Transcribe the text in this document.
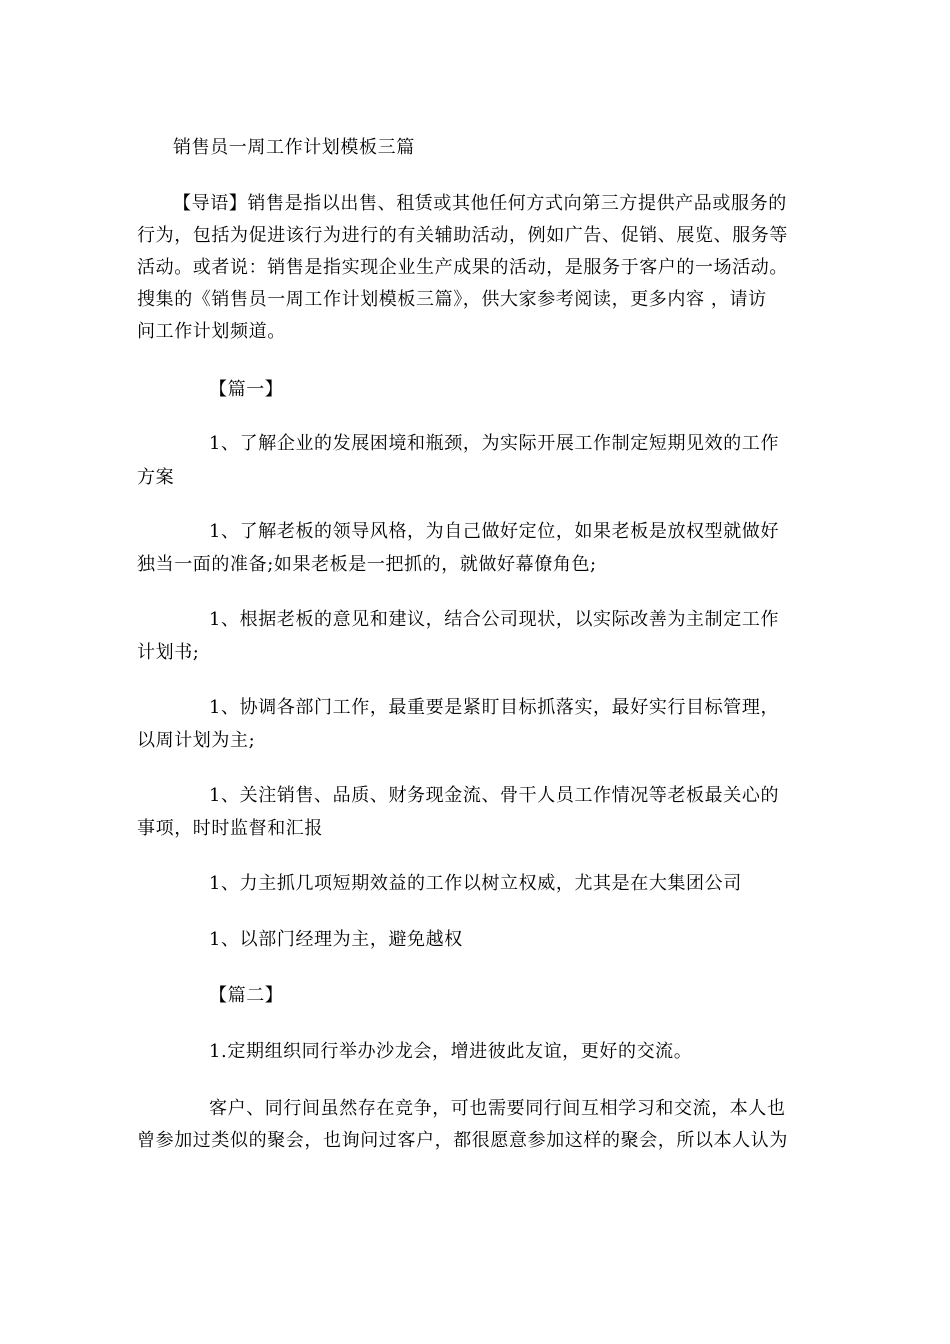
销售员一周工作计划模板三篇

【导语】销售是指以出售、租赁或其他任何方式向第三方提供产品或服务的
行为，包括为促进该行为进行的有关辅助活动，例如广告、促销、展览、服务等
活动。或者说：销售是指实现企业生产成果的活动，是服务于客户的一场活动。
搜集的《销售员一周工作计划模板三篇》，供大家参考阅读，更多内容 ，请访
问工作计划频道。

【篇一】

1、了解企业的发展困境和瓶颈，为实际开展工作制定短期见效的工作

方案

1、了解老板的领导风格，为自己做好定位，如果老板是放权型就做好

独当一面的准备;如果老板是一把抓的，就做好幕僚角色;

1、根据老板的意见和建议，结合公司现状，以实际改善为主制定工作

计划书;

1、协调各部门工作，最重要是紧盯目标抓落实，最好实行目标管理，

以周计划为主;

1、关注销售、品质、财务现金流、骨干人员工作情况等老板最关心的

事项，时时监督和汇报

1、力主抓几项短期效益的工作以树立权威，尤其是在大集团公司

1、以部门经理为主，避免越权

【篇二】

1.定期组织同行举办沙龙会，增进彼此友谊，更好的交流。

客户、同行间虽然存在竞争，可也需要同行间互相学习和交流，本人也

曾参加过类似的聚会，也询问过客户，都很愿意参加这样的聚会，所以本人认为
